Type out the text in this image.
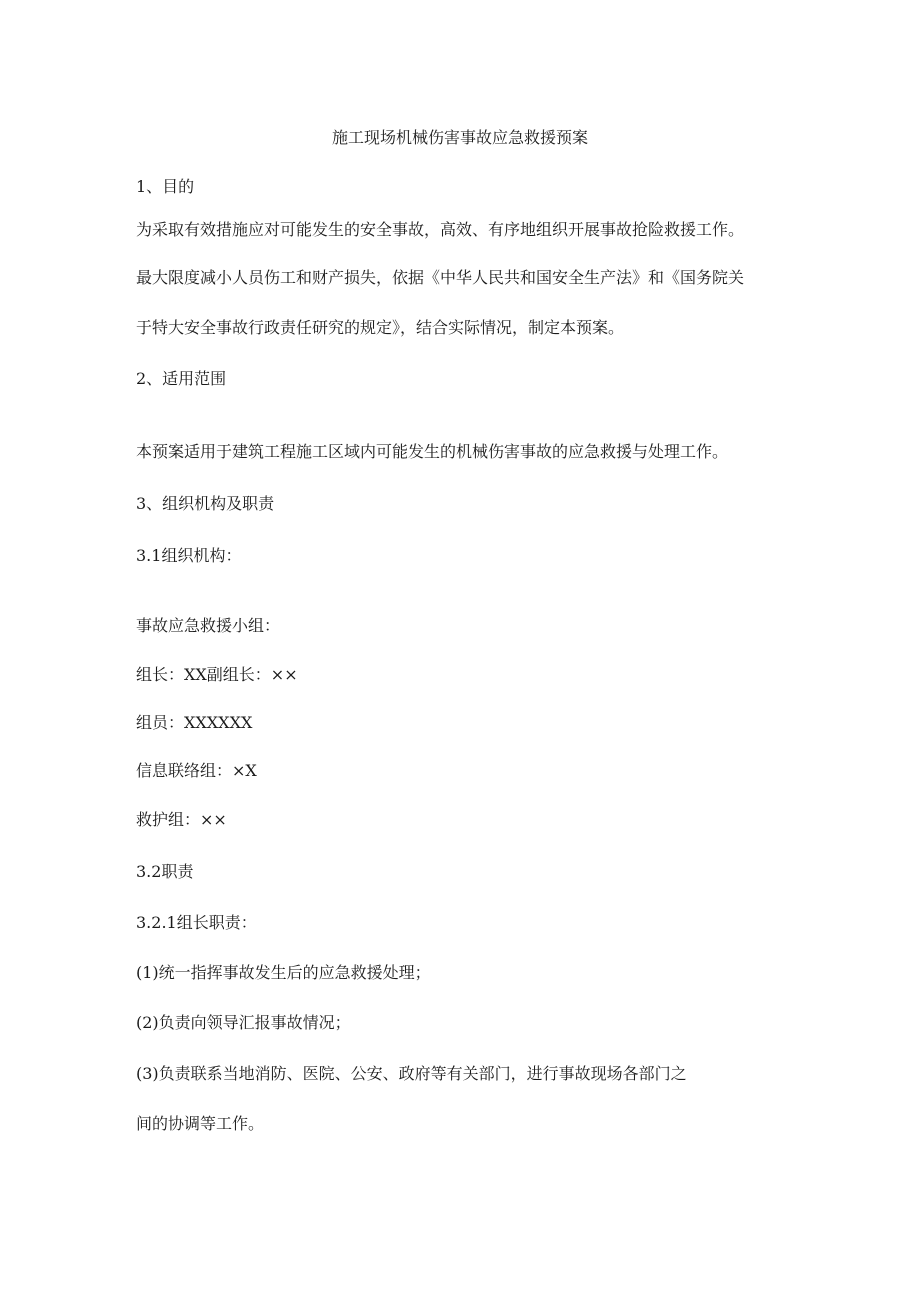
施工现场机械伤害事故应急救援预案
1、目的
为采取有效措施应对可能发生的安全事故，高效、有序地组织开展事故抢险救援工作。
最大限度减小人员伤工和财产损失，依据《中华人民共和国安全生产法》和《国务院关
于特大安全事故行政责任研究的规定》，结合实际情况，制定本预案。
2、适用范围
本预案适用于建筑工程施工区域内可能发生的机械伤害事故的应急救援与处理工作。
3、组织机构及职责
3.1组织机构：
事故应急救援小组：
组长：XX副组长：××
组员：XXXXXX
信息联络组：×X
救护组：××
3.2职责
3.2.1组长职责：
(1)统一指挥事故发生后的应急救援处理；
(2)负责向领导汇报事故情况；
(3)负责联系当地消防、医院、公安、政府等有关部门，进行事故现场各部门之
间的协调等工作。
